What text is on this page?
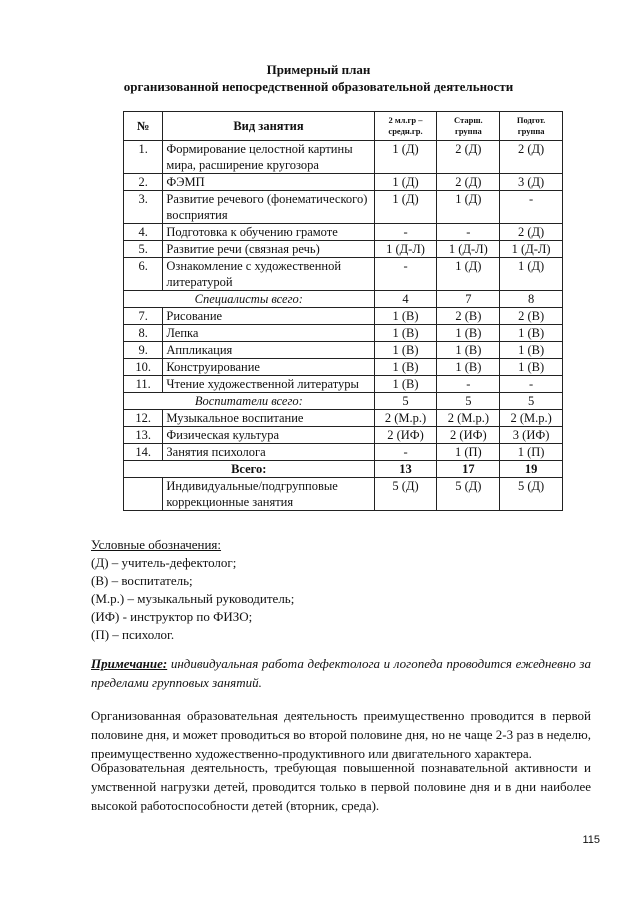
Примерный план
организованной непосредственной образовательной деятельности
№	Вид занятия	2 мл.гр – средн.гр.	Старш. группа	Подгот. группа
1.	Формирование целостной картины мира, расширение кругозора	1 (Д)	2 (Д)	2 (Д)
2.	ФЭМП	1 (Д)	2 (Д)	3 (Д)
3.	Развитие речевого (фонематического) восприятия	1 (Д)	1 (Д)	-
4.	Подготовка к обучению грамоте	-	-	2 (Д)
5.	Развитие речи (связная речь)	1 (Д-Л)	1 (Д-Л)	1 (Д-Л)
6.	Ознакомление с художественной литературой	-	1 (Д)	1 (Д)
Специалисты всего:		4	7	8
7.	Рисование	1 (В)	2 (В)	2 (В)
8.	Лепка	1 (В)	1 (В)	1 (В)
9.	Аппликация	1 (В)	1 (В)	1 (В)
10.	Конструирование	1 (В)	1 (В)	1 (В)
11.	Чтение художественной литературы	1 (В)	-	-
Воспитатели всего:		5	5	5
12.	Музыкальное воспитание	2 (М.р.)	2 (М.р.)	2 (М.р.)
13.	Физическая культура	2 (ИФ)	2 (ИФ)	3 (ИФ)
14.	Занятия психолога	-	1 (П)	1 (П)
Всего:		13	17	19
	Индивидуальные/подгрупповые коррекционные занятия	5 (Д)	5 (Д)	5 (Д)
Условные обозначения:
(Д) – учитель-дефектолог;
(В) – воспитатель;
(М.р.) – музыкальный руководитель;
(ИФ) - инструктор по ФИЗО;
(П) – психолог.
Примечание: индивидуальная работа дефектолога и логопеда проводится ежедневно за пределами групповых занятий.
Организованная образовательная деятельность преимущественно проводится в первой половине дня, и может проводиться во второй половине дня, но не чаще 2-3 раз в неделю, преимущественно художественно-продуктивного или двигательного характера.
Образовательная деятельность, требующая повышенной познавательной активности и умственной нагрузки детей, проводится только в первой половине дня и в дни наиболее высокой работоспособности детей (вторник, среда).
115
